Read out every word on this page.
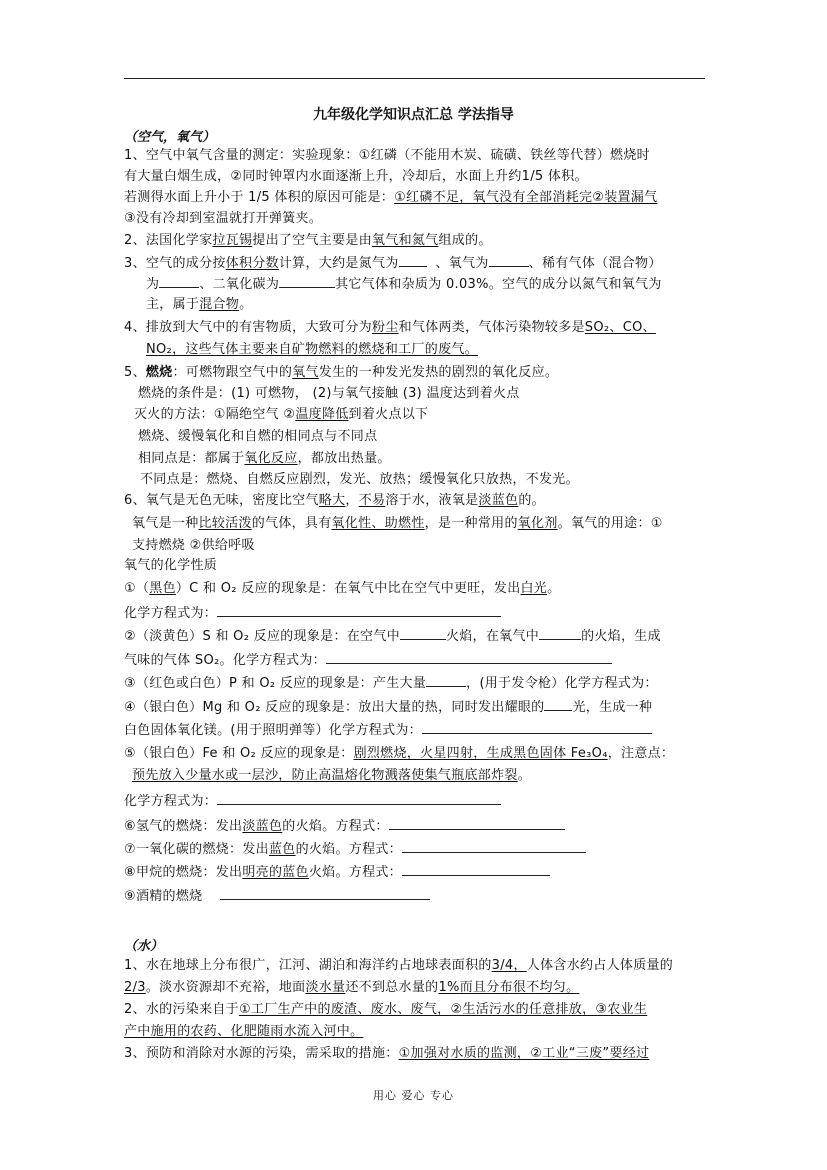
九年级化学知识点汇总 学法指导
（空气，氧气）
1、空气中氧气含量的测定：实验现象：①红磷（不能用木炭、硫磺、铁丝等代替）燃烧时
有大量白烟生成，②同时钟罩内水面逐渐上升，冷却后，水面上升约1/5 体积。
若测得水面上升小于 1/5 体积的原因可能是：①红磷不足，氧气没有全部消耗完②装置漏气
③没有冷却到室温就打开弹簧夹。
2、法国化学家拉瓦锡提出了空气主要是由氧气和氮气组成的。
3、空气的成分按体积分数计算，大约是氮气为	、氧气为	、稀有气体（混合物）
为	、二氧化碳为	其它气体和杂质为 0.03%。空气的成分以氮气和氧气为
主，属于混合物。
4、排放到大气中的有害物质，大致可分为粉尘和气体两类，气体污染物较多是SO₂、CO、
NO₂，这些气体主要来自矿物燃料的燃烧和工厂的废气。
5、燃烧：可燃物跟空气中的氧气发生的一种发光发热的剧烈的氧化反应。
燃烧的条件是：(1) 可燃物， (2)与氧气接触 (3) 温度达到着火点
灭火的方法：①隔绝空气 ②温度降低到着火点以下
燃烧、缓慢氧化和自燃的相同点与不同点
相同点是：都属于氧化反应，都放出热量。
不同点是：燃烧、自燃反应剧烈，发光、放热；缓慢氧化只放热，不发光。
6、氧气是无色无味，密度比空气略大，不易溶于水，液氧是淡蓝色的。
氧气是一种比较活泼的气体，具有氧化性、助燃性，是一种常用的氧化剂。氧气的用途：①
支持燃烧 ②供给呼吸
氧气的化学性质
①（黑色）C 和 O₂ 反应的现象是：在氧气中比在空气中更旺，发出白光。
化学方程式为：
②（淡黄色）S 和 O₂ 反应的现象是：在空气中	火焰，在氧气中	的火焰，生成
气味的气体 SO₂。化学方程式为：
③（红色或白色）P 和 O₂ 反应的现象是：产生大量	，(用于发令枪）化学方程式为：
④（银白色）Mg 和 O₂ 反应的现象是：放出大量的热，同时发出耀眼的 光，生成一种
白色固体氧化镁。(用于照明弹等）化学方程式为：
⑤（银白色）Fe 和 O₂ 反应的现象是：剧烈燃烧，火星四射，生成黑色固体 Fe₃O₄，注意点：
预先放入少量水或一层沙，防止高温熔化物溅落使集气瓶底部炸裂。
化学方程式为：
⑥氢气的燃烧：发出淡蓝色的火焰。方程式：
⑦一氧化碳的燃烧：发出蓝色的火焰。方程式：
⑧甲烷的燃烧：发出明亮的蓝色火焰。方程式：
⑨酒精的燃烧
（水）
1、水在地球上分布很广，江河、湖泊和海洋约占地球表面积的3/4，人体含水约占人体质量的
2/3。淡水资源却不充裕，地面淡水量还不到总水量的1%而且分布很不均匀。
2、水的污染来自于①工厂生产中的废渣、废水、废气，②生活污水的任意排放，③农业生
产中施用的农药、化肥随雨水流入河中。
3、预防和消除对水源的污染，需采取的措施：①加强对水质的监测，②工业“三废”要经过
用心 爱心 专心
